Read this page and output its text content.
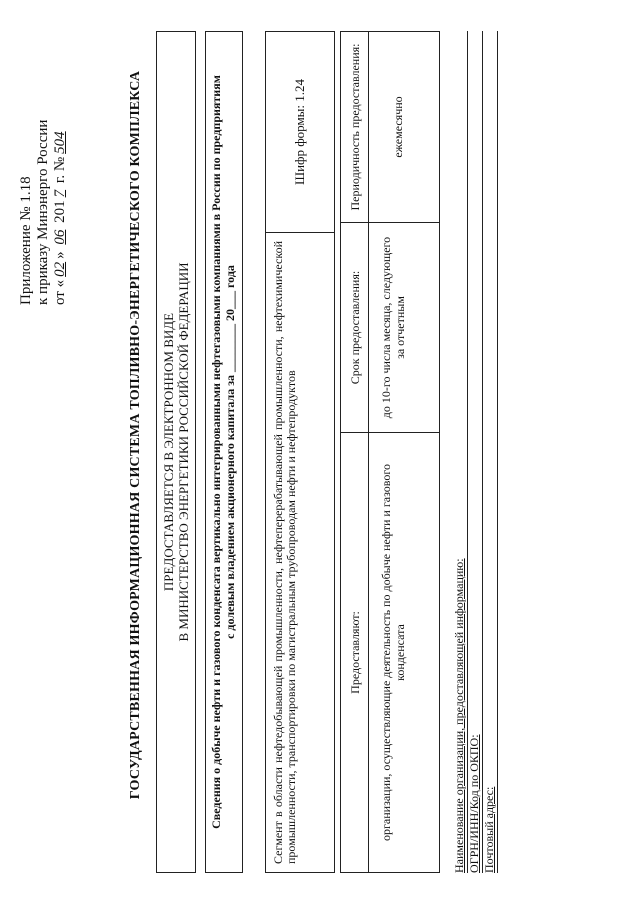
Приложение № 1.18 к приказу Минэнерго России от «02» 06 2017 г. №504	ГОСУДАРСТВЕННАЯ ИНФОРМАЦИОННАЯ СИСТЕМА ТОПЛИВНО-ЭНЕРГЕТИЧЕСКОГО КОМПЛЕКСА ПРЕДОСТАВЛЯЕТСЯ В ЭЛЕКТРОННОМ ВИДЕ В МИНИСТЕРСТВО ЭНЕРГЕТИКИ РОССИЙСКОЙ ФЕДЕРАЦИИ Сведения о добыче нефти и газового конденсата вертикально интегрированными нефтегазовыми компаниями в России по предприятиям с долевым владением акционерного капитала за ________ 20___ года	Сегмент в области нефтедобывающей промышленности, нефтеперерабатывающей промышленности, нефтехимической промышленности, транспортировки по магистральным трубопроводам нефти и нефтепродуктов
Шифр формы: 1.24
Предоставляют:
Срок предоставления:
Периодичность предоставления:
организации, осуществляющие деятельность по добыче нефти и газового конденсата
до 10-го числа месяца, следующего за отчетным
ежемесячно
Наименование организации, предоставляющей информацию: ОГРН/ИНН/Код по ОКПО: Почтовый адрес:
